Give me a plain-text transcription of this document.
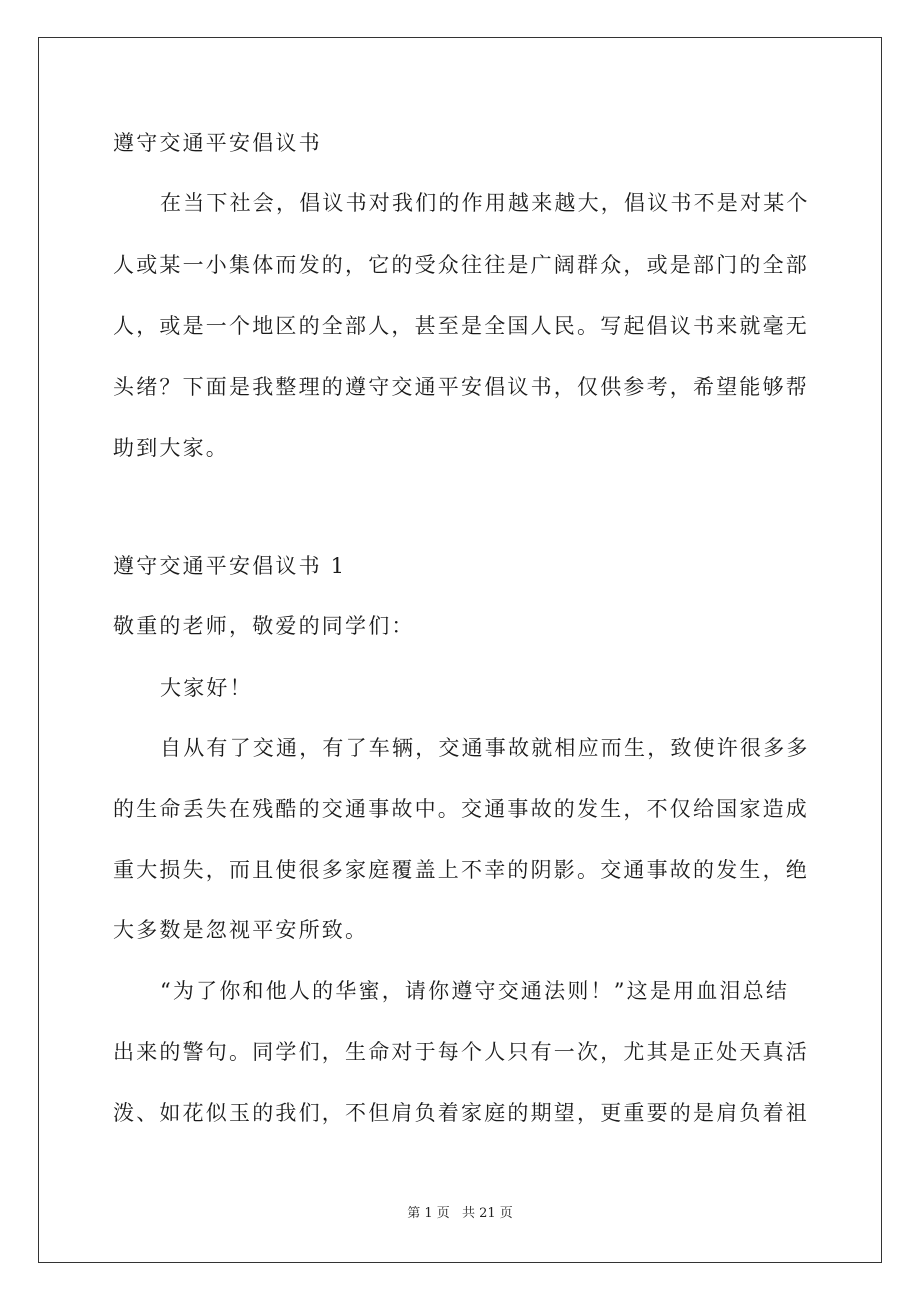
遵守交通平安倡议书
在当下社会，倡议书对我们的作用越来越大，倡议书不是对某个
人或某一小集体而发的，它的受众往往是广阔群众，或是部门的全部
人，或是一个地区的全部人，甚至是全国人民。写起倡议书来就毫无
头绪？下面是我整理的遵守交通平安倡议书，仅供参考，希望能够帮
助到大家。
遵守交通平安倡议书 1
敬重的老师，敬爱的同学们：
大家好！
自从有了交通，有了车辆，交通事故就相应而生，致使许很多多
的生命丢失在残酷的交通事故中。交通事故的发生，不仅给国家造成
重大损失，而且使很多家庭覆盖上不幸的阴影。交通事故的发生，绝
大多数是忽视平安所致。
“为了你和他人的华蜜，请你遵守交通法则！”这是用血泪总结
出来的警句。同学们，生命对于每个人只有一次，尤其是正处天真活
泼、如花似玉的我们，不但肩负着家庭的期望，更重要的是肩负着祖
第 1 页 共 21 页
